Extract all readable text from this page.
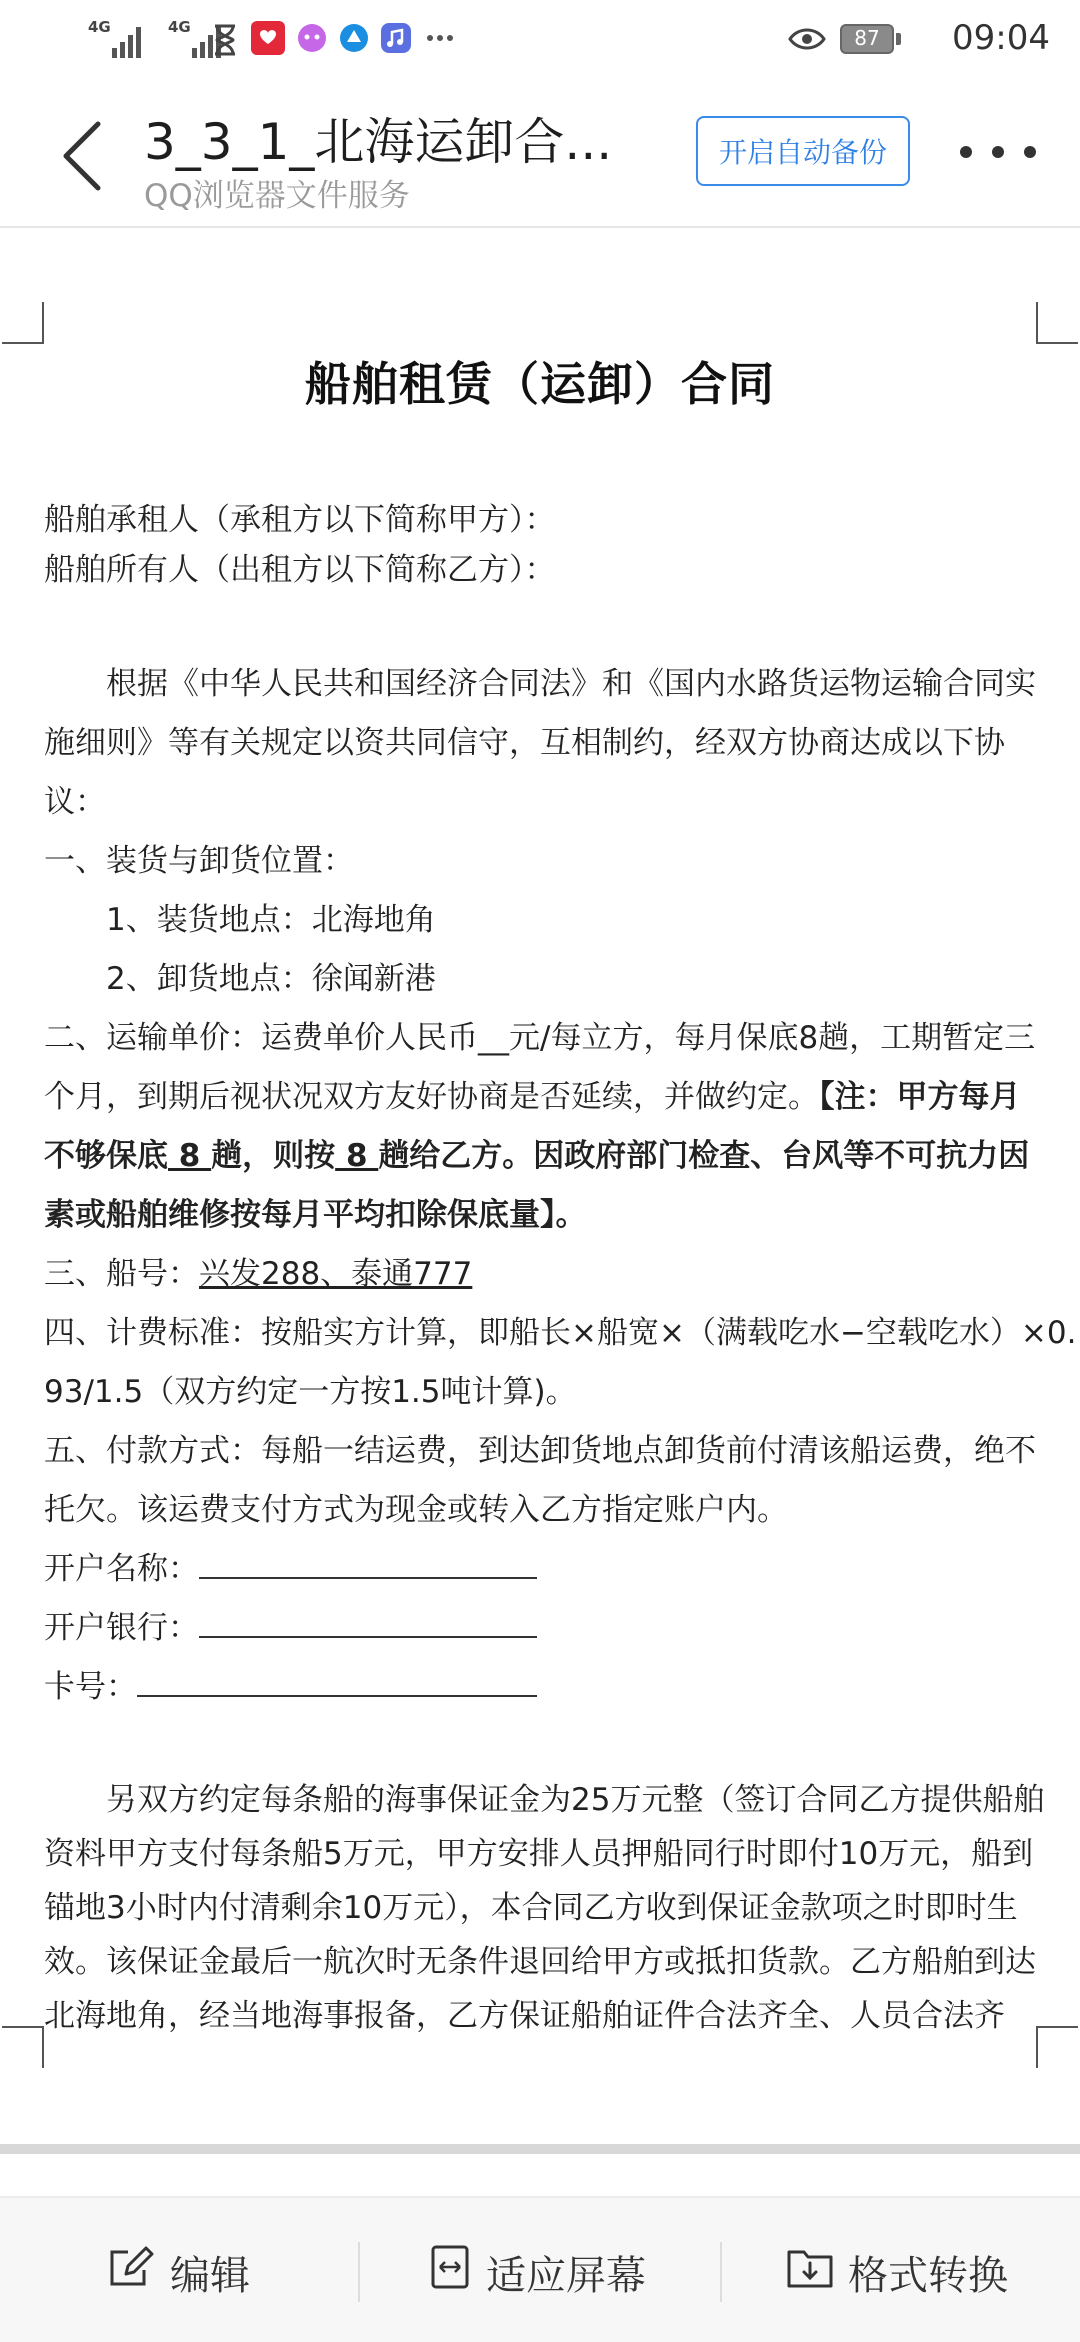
4G	4G	87	09:04
3_3_1_北海运卸合...
QQ浏览器文件服务
开启自动备份
船舶租赁（运卸）合同
船舶承租人（承租方以下简称甲方）：
船舶所有人（出租方以下简称乙方）：
根据《中华人民共和国经济合同法》和《国内水路货运物运输合同实
施细则》等有关规定以资共同信守，互相制约，经双方协商达成以下协
议：
一、装货与卸货位置：
1、装货地点：北海地角
2、卸货地点：徐闻新港
二、运输单价：运费单价人民币__元/每立方，每月保底8趟，工期暂定三
个月，到期后视状况双方友好协商是否延续，并做约定。【注：甲方每月
不够保底 8 趟，则按 8 趟给乙方。因政府部门检查、台风等不可抗力因
素或船舶维修按每月平均扣除保底量】。
三、船号：兴发288、泰通777
四、计费标准：按船实方计算，即船长×船宽×（满载吃水−空载吃水）×0.
93/1.5（双方约定一方按1.5吨计算)。
五、付款方式：每船一结运费，到达卸货地点卸货前付清该船运费，绝不
托欠。该运费支付方式为现金或转入乙方指定账户内。
开户名称：
开户银行：
卡号：
另双方约定每条船的海事保证金为25万元整（签订合同乙方提供船舶
资料甲方支付每条船5万元，甲方安排人员押船同行时即付10万元，船到
锚地3小时内付清剩余10万元），本合同乙方收到保证金款项之时即时生
效。该保证金最后一航次时无条件退回给甲方或抵扣货款。乙方船舶到达
北海地角，经当地海事报备，乙方保证船舶证件合法齐全、人员合法齐
编辑	适应屏幕	格式转换
